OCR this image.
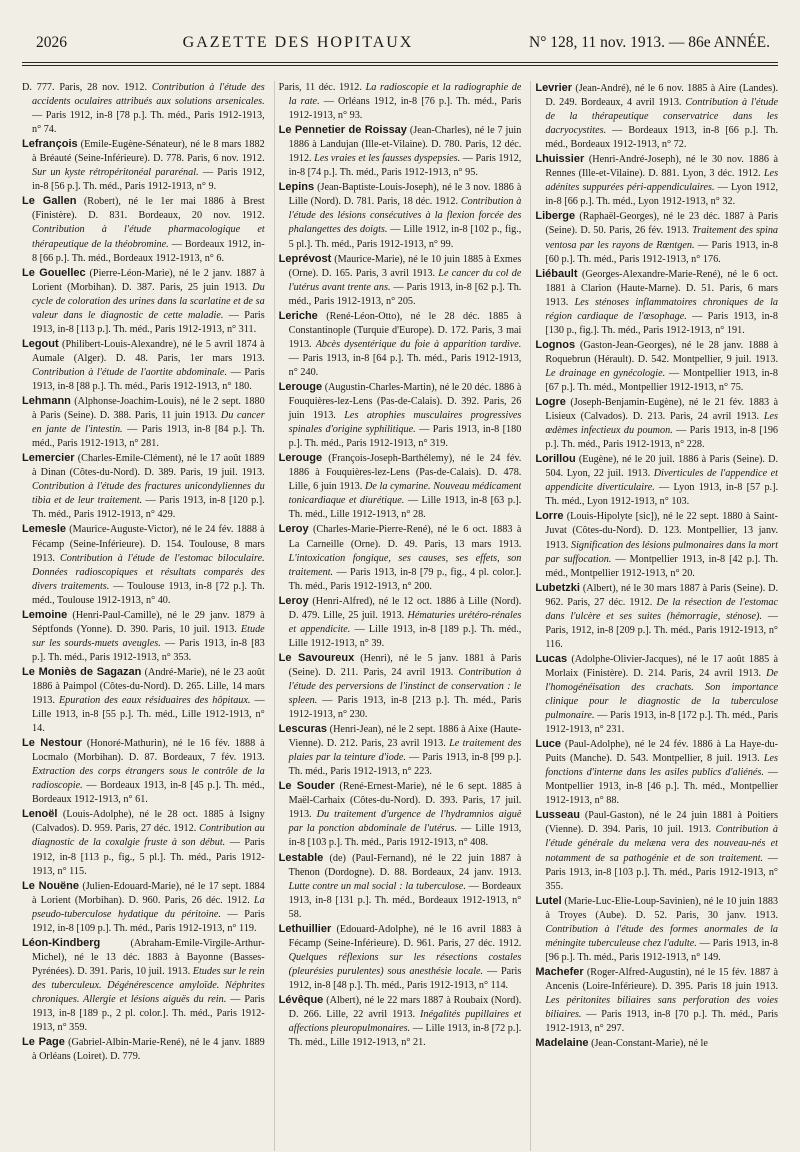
2026	GAZETTE DES HOPITAUX	N° 128, 11 nov. 1913. — 86e ANNÉE.

D. 777. Paris, 28 nov. 1912. Contribution à l'étude des accidents oculaires attribués aux solutions arsenicales. — Paris 1912, in-8 [78 p.]. Th. méd., Paris 1912-1913, n° 74.

Lefrançois (Emile-Eugène-Sénateur), né le 8 mars 1882 à Bréauté (Seine-Inférieure). D. 778. Paris, 6 nov. 1912. Sur un kyste rétropéritonéal pararénal. — Paris 1912, in-8 [56 p.]. Th. méd., Paris 1912-1913, n° 9.

Le Gallen (Robert), né le 1er mai 1886 à Brest (Finistère). D. 831. Bordeaux, 20 nov. 1912. Contribution à l'étude pharmacologique et thérapeutique de la théobromine. — Bordeaux 1912, in-8 [66 p.]. Th. méd., Bordeaux 1912-1913, n° 6.

Le Gouellec (Pierre-Léon-Marie), né le 2 janv. 1887 à Lorient (Morbihan). D. 387. Paris, 25 juin 1913. Du cycle de coloration des urines dans la scarlatine et de sa valeur dans le diagnostic de cette maladie. — Paris 1913, in-8 [113 p.]. Th. méd., Paris 1912-1913, n° 311.

Legout (Philibert-Louis-Alexandre), né le 5 avril 1874 à Aumale (Alger). D. 48. Paris, 1er mars 1913. Contribution à l'étude de l'aortite abdominale. — Paris 1913, in-8 [88 p.]. Th. méd., Paris 1912-1913, n° 180.

Lehmann (Alphonse-Joachim-Louis), né le 2 sept. 1880 à Paris (Seine). D. 388. Paris, 11 juin 1913. Du cancer en jante de l'intestin. — Paris 1913, in-8 [84 p.]. Th. méd., Paris 1912-1913, n° 281.

Lemercier (Charles-Emile-Clément), né le 17 août 1889 à Dinan (Côtes-du-Nord). D. 389. Paris, 19 juil. 1913. Contribution à l'étude des fractures unicondyliennes du tibia et de leur traitement. — Paris 1913, in-8 [120 p.]. Th. méd., Paris 1912-1913, n° 429.

Lemesle (Maurice-Auguste-Victor), né le 24 fév. 1888 à Fécamp (Seine-Inférieure). D. 154. Toulouse, 8 mars 1913. Contribution à l'étude de l'estomac biloculaire. Données radioscopiques et résultats comparés des divers traitements. — Toulouse 1913, in-8 [72 p.]. Th. méd., Toulouse 1912-1913, n° 40.

Lemoine (Henri-Paul-Camille), né le 29 janv. 1879 à Séptfonds (Yonne). D. 390. Paris, 10 juil. 1913. Etude sur les sourds-muets aveugles. — Paris 1913, in-8 [83 p.]. Th. méd., Paris 1912-1913, n° 353.

Le Moniès de Sagazan (André-Marie), né le 23 août 1886 à Paimpol (Côtes-du-Nord). D. 265. Lille, 14 mars 1913. Epuration des eaux résiduaires des hôpitaux. — Lille 1913, in-8 [55 p.]. Th. méd., Lille 1912-1913, n° 14.

Le Nestour (Honoré-Mathurin), né le 16 fév. 1888 à Locmalo (Morbihan). D. 87. Bordeaux, 7 fév. 1913. Extraction des corps étrangers sous le contrôle de la radioscopie. — Bordeaux 1913, in-8 [45 p.]. Th. méd., Bordeaux 1912-1913, n° 61.

Lenoël (Louis-Adolphe), né le 28 oct. 1885 à Isigny (Calvados). D. 959. Paris, 27 déc. 1912. Contribution au diagnostic de la coxalgie fruste à son début. — Paris 1912, in-8 [113 p., fig., 5 pl.]. Th. méd., Paris 1912-1913, n° 115.

Le Nouëne (Julien-Edouard-Marie), né le 17 sept. 1884 à Lorient (Morbihan). D. 960. Paris, 26 déc. 1912. La pseudo-tuberculose hydatique du péritoine. — Paris 1912, in-8 [109 p.]. Th. méd., Paris 1912-1913, n° 119.

Léon-Kindberg	(Abraham-Emile-Virgile-Arthur-Michel), né le 13 déc. 1883 à Bayonne (Basses-Pyrénées). D. 391. Paris, 10 juil. 1913. Etudes sur le rein des tuberculeux. Dégénérescence amyloïde. Néphrites chroniques. Allergie et lésions aiguës du rein. — Paris 1913, in-8 [189 p., 2 pl. color.]. Th. méd., Paris 1912-1913, n° 359.

Le Page (Gabriel-Albin-Marie-René), né le 4 janv. 1889 à Orléans (Loiret). D. 779.

Paris, 11 déc. 1912. La radioscopie et la radiographie de la rate. — Orléans 1912, in-8 [76 p.]. Th. méd., Paris 1912-1913, n° 93.

Le Pennetier de Roissay (Jean-Charles), né le 7 juin 1886 à Landujan (Ille-et-Vilaine). D. 780. Paris, 12 déc. 1912. Les vraies et les fausses dyspepsies. — Paris 1912, in-8 [74 p.]. Th. méd., Paris 1912-1913, n° 95.

Lepins (Jean-Baptiste-Louis-Joseph), né le 3 nov. 1886 à Lille (Nord). D. 781. Paris, 18 déc. 1912. Contribution à l'étude des lésions consécutives à la flexion forcée des phalangettes des doigts. — Lille 1912, in-8 [102 p., fig., 5 pl.]. Th. méd., Paris 1912-1913, n° 99.

Leprévost (Maurice-Marie), né le 10 juin 1885 à Exmes (Orne). D. 165. Paris, 3 avril 1913. Le cancer du col de l'utérus avant trente ans. — Paris 1913, in-8 [62 p.]. Th. méd., Paris 1912-1913, n° 205.

Leriche (René-Léon-Otto), né le 28 déc. 1885 à Constantinople (Turquie d'Europe). D. 172. Paris, 3 mai 1913. Abcès dysentérique du foie à apparition tardive. — Paris 1913, in-8 [64 p.]. Th. méd., Paris 1912-1913, n° 240.

Lerouge (Augustin-Charles-Martin), né le 20 déc. 1886 à Fouquières-lez-Lens (Pas-de-Calais). D. 392. Paris, 26 juin 1913. Les atrophies musculaires progressives spinales d'origine syphilitique. — Paris 1913, in-8 [180 p.]. Th. méd., Paris 1912-1913, n° 319.

Lerouge (François-Joseph-Barthélemy), né le 24 fév. 1886 à Fouquières-lez-Lens (Pas-de-Calais). D. 478. Lille, 6 juin 1913. De la cymarine. Nouveau médicament tonicardiaque et diurétique. — Lille 1913, in-8 [63 p.]. Th. méd., Lille 1912-1913, n° 28.

Leroy (Charles-Marie-Pierre-René), né le 6 oct. 1883 à La Carneille (Orne). D. 49. Paris, 13 mars 1913. L'intoxication fongique, ses causes, ses effets, son traitement. — Paris 1913, in-8 [79 p., fig., 4 pl. color.]. Th. méd., Paris 1912-1913, n° 200.

Leroy (Henri-Alfred), né le 12 oct. 1886 à Lille (Nord). D. 479. Lille, 25 juil. 1913. Hématuries urétéro-rénales et appendicite. — Lille 1913, in-8 [189 p.]. Th. méd., Lille 1912-1913, n° 39.

Le Savoureux (Henri), né le 5 janv. 1881 à Paris (Seine). D. 211. Paris, 24 avril 1913. Contribution à l'étude des perversions de l'instinct de conservation : le spleen. — Paris 1913, in-8 [213 p.]. Th. méd., Paris 1912-1913, n° 230.

Lescuras (Henri-Jean), né le 2 sept. 1886 à Aixe (Haute-Vienne). D. 212. Paris, 23 avril 1913. Le traitement des plaies par la teinture d'iode. — Paris 1913, in-8 [99 p.]. Th. méd., Paris 1912-1913, n° 223.

Le Souder (René-Ernest-Marie), né le 6 sept. 1885 à Maël-Carhaix (Côtes-du-Nord). D. 393. Paris, 17 juil. 1913. Du traitement d'urgence de l'hydramnios aiguë par la ponction abdominale de l'utérus. — Lille 1913, in-8 [103 p.]. Th. méd., Paris 1912-1913, n° 408.

Lestable (de) (Paul-Fernand), né le 22 juin 1887 à Thenon (Dordogne). D. 88. Bordeaux, 24 janv. 1913. Lutte contre un mal social : la tuberculose. — Bordeaux 1913, in-8 [131 p.]. Th. méd., Bordeaux 1912-1913, n° 58.

Lethuillier (Edouard-Adolphe), né le 16 avril 1883 à Fécamp (Seine-Inférieure). D. 961. Paris, 27 déc. 1912. Quelques réflexions sur les résections costales (pleurésies purulentes) sous anesthésie locale. — Paris 1912, in-8 [48 p.]. Th. méd., Paris 1912-1913, n° 114.

Lévêque (Albert), né le 22 mars 1887 à Roubaix (Nord). D. 266. Lille, 22 avril 1913. Inégalités pupillaires et affections pleuropulmonaires. — Lille 1913, in-8 [72 p.]. Th. méd., Lille 1912-1913, n° 21.

Levrier (Jean-André), né le 6 nov. 1885 à Aire (Landes). D. 249. Bordeaux, 4 avril 1913. Contribution à l'étude de la thérapeutique conservatrice dans les dacryocystites. — Bordeaux 1913, in-8 [66 p.]. Th. méd., Bordeaux 1912-1913, n° 72.

Lhuissier (Henri-André-Joseph), né le 30 nov. 1886 à Rennes (Ille-et-Vilaine). D. 881. Lyon, 3 déc. 1912. Les adénites suppurées péri-appendiculaires. — Lyon 1912, in-8 [66 p.]. Th. méd., Lyon 1912-1913, n° 32.

Liberge (Raphaël-Georges), né le 23 déc. 1887 à Paris (Seine). D. 50. Paris, 26 fév. 1913. Traitement des spina ventosa par les rayons de Rœntgen. — Paris 1913, in-8 [60 p.]. Th. méd., Paris 1912-1913, n° 176.

Liébault (Georges-Alexandre-Marie-René), né le 6 oct. 1881 à Clarion (Haute-Marne). D. 51. Paris, 6 mars 1913. Les sténoses inflammatoires chroniques de la région cardiaque de l'œsophage. — Paris 1913, in-8 [130 p., fig.]. Th. méd., Paris 1912-1913, n° 191.

Lognos (Gaston-Jean-Georges), né le 28 janv. 1888 à Roquebrun (Hérault). D. 542. Montpellier, 9 juil. 1913. Le drainage en gynécologie. — Montpellier 1913, in-8 [67 p.]. Th. méd., Montpellier 1912-1913, n° 75.

Logre (Joseph-Benjamin-Eugène), né le 21 fév. 1883 à Lisieux (Calvados). D. 213. Paris, 24 avril 1913. Les œdèmes infectieux du poumon. — Paris 1913, in-8 [196 p.]. Th. méd., Paris 1912-1913, n° 228.

Lorillou (Eugène), né le 20 juil. 1886 à Paris (Seine). D. 504. Lyon, 22 juil. 1913. Diverticules de l'appendice et appendicite diverticulaire. — Lyon 1913, in-8 [57 p.]. Th. méd., Lyon 1912-1913, n° 103.

Lorre (Louis-Hipolyte [sic]), né le 22 sept. 1880 à Saint-Juvat (Côtes-du-Nord). D. 123. Montpellier, 13 janv. 1913. Signification des lésions pulmonaires dans la mort par suffocation. — Montpellier 1913, in-8 [42 p.]. Th. méd., Montpellier 1912-1913, n° 20.

Lubetzki (Albert), né le 30 mars 1887 à Paris (Seine). D. 962. Paris, 27 déc. 1912. De la résection de l'estomac dans l'ulcère et ses suites (hémorragie, sténose). — Paris, 1912, in-8 [209 p.]. Th. méd., Paris 1912-1913, n° 116.

Lucas (Adolphe-Olivier-Jacques), né le 17 août 1885 à Morlaix (Finistère). D. 214. Paris, 24 avril 1913. De l'homogénéisation des crachats. Son importance clinique pour le diagnostic de la tuberculose pulmonaire. — Paris 1913, in-8 [172 p.]. Th. méd., Paris 1912-1913, n° 231.

Luce (Paul-Adolphe), né le 24 fév. 1886 à La Haye-du-Puits (Manche). D. 543. Montpellier, 8 juil. 1913. Les fonctions d'interne dans les asiles publics d'aliénés. — Montpellier 1913, in-8 [46 p.]. Th. méd., Montpellier 1912-1913, n° 88.

Lusseau (Paul-Gaston), né le 24 juin 1881 à Poitiers (Vienne). D. 394. Paris, 10 juil. 1913. Contribution à l'étude générale du melæna vera des nouveau-nés et notamment de sa pathogénie et de son traitement. — Paris 1913, in-8 [103 p.]. Th. méd., Paris 1912-1913, n° 355.

Lutel (Marie-Luc-Elie-Loup-Savinien), né le 10 juin 1883 à Troyes (Aube). D. 52. Paris, 30 janv. 1913. Contribution à l'étude des formes anormales de la méningite tuberculeuse chez l'adulte. — Paris 1913, in-8 [96 p.]. Th. méd., Paris 1912-1913, n° 149.

Machefer (Roger-Alfred-Augustin), né le 15 fév. 1887 à Ancenis (Loire-Inférieure). D. 395. Paris 18 juin 1913. Les péritonites biliaires sans perforation des voies biliaires. — Paris 1913, in-8 [70 p.]. Th. méd., Paris 1912-1913, n° 297.

Madelaine (Jean-Constant-Marie), né le
